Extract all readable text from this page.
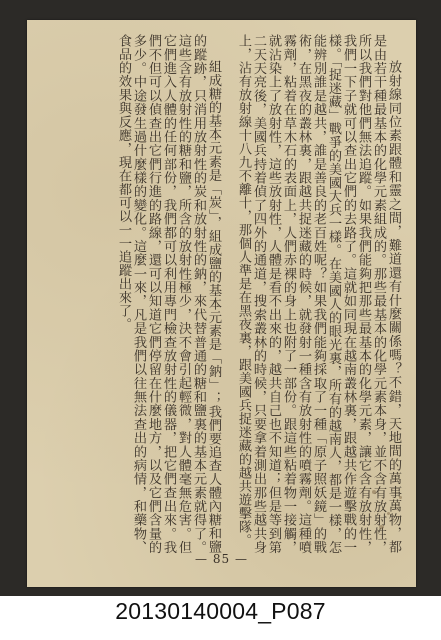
放射線同位素跟體和靈之間，難道還有什麼關係嗎？不錯，天地間的萬事萬物，都是由若干種最基本的化學元素組成的。那些最基本的化學元素本身，並不含有放射性，所以我們對他們無法追蹤。如果我們能夠把那些最基本的化學元素，讓它含有放射性，我們一下子就可以查出它們的去路了。這就如同現在越南叢林裏，跟越共作遊擊戰的一樣。「捉迷藏」戰爭的美國大兵一樣。在美國人的眼光裏，所有的越南人，都是一樣，怎能辨別誰是越共，誰是善良的老百姓呢？如果我們能夠採取了一種「原子照妖鏡」的戰術，在黑夜的叢林裏，跟越共捉迷藏的時候，就發射一種含有放射性的噴霧劑。這種噴霧劑，粘着在草木石的表面上，人們赤裸的身上也附了一部份。跟這些粘着物一接觸，就沾染上了放射性，這些放射性，人體是看不出來的，越共自己也不知道；但是等到第二天天亮後，美國兵持着偵了四外的通道，搜索叢林的時候，只要拿着測出那些越共身上，沾有放射線十八九不離十，那個人準是在黑夜裏，跟美國兵捉迷藏的越共遊擊隊。

組成糖的基本元素是「炭」，組成鹽的基本元素是「鈉」；我們要追查人體內糖和鹽的蹤跡，只消用放射性的炭和放射性的鈉，來代替普通的糖和鹽裏的基本元素就得了。這些含有放射性的糖和鹽，所含的放射性極少，決不會引起輕微，對人體毫無危害。但它們進入人體的任何部份，我們都可以利用專門檢查放射性的儀器，把它們查出來。我們不但可以偵查出它們行進的路線，還可以知道它們停留在什麼地方，以及它們含量的多少。中途發生過什麼樣的變化。這麼一來，凡是我們以往無法查出的病情，和藥物、食品的效果與反應，現在都可以一一追蹤出來了。

— 85 —
20130140004_P087
